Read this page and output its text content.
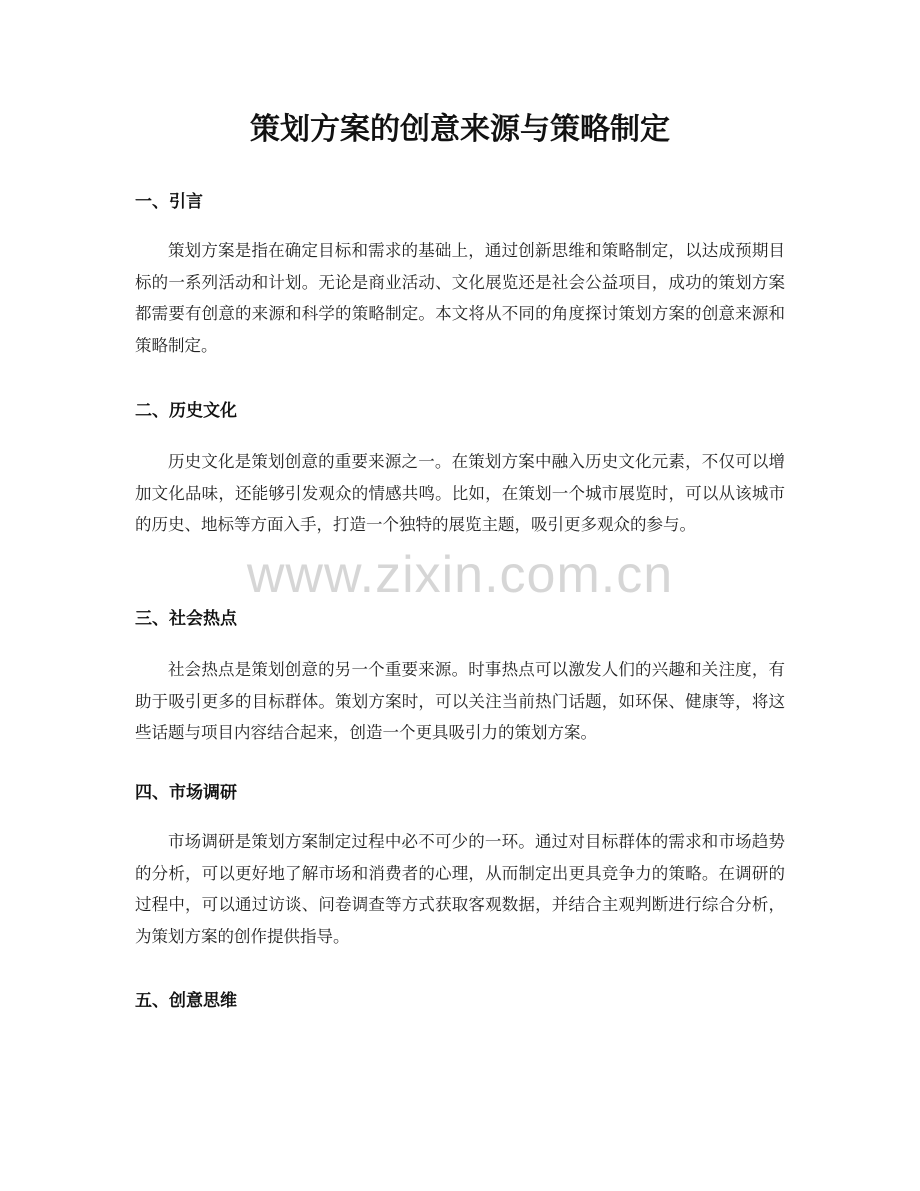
策划方案的创意来源与策略制定
一、引言

策划方案是指在确定目标和需求的基础上，通过创新思维和策略制定，以达成预期目标的一系列活动和计划。无论是商业活动、文化展览还是社会公益项目，成功的策划方案都需要有创意的来源和科学的策略制定。本文将从不同的角度探讨策划方案的创意来源和策略制定。

二、历史文化

历史文化是策划创意的重要来源之一。在策划方案中融入历史文化元素，不仅可以增加文化品味，还能够引发观众的情感共鸣。比如，在策划一个城市展览时，可以从该城市的历史、地标等方面入手，打造一个独特的展览主题，吸引更多观众的参与。

三、社会热点

社会热点是策划创意的另一个重要来源。时事热点可以激发人们的兴趣和关注度，有助于吸引更多的目标群体。策划方案时，可以关注当前热门话题，如环保、健康等，将这些话题与项目内容结合起来，创造一个更具吸引力的策划方案。

四、市场调研

市场调研是策划方案制定过程中必不可少的一环。通过对目标群体的需求和市场趋势的分析，可以更好地了解市场和消费者的心理，从而制定出更具竞争力的策略。在调研的过程中，可以通过访谈、问卷调查等方式获取客观数据，并结合主观判断进行综合分析，为策划方案的创作提供指导。

五、创意思维
www.zixin.com.cn
